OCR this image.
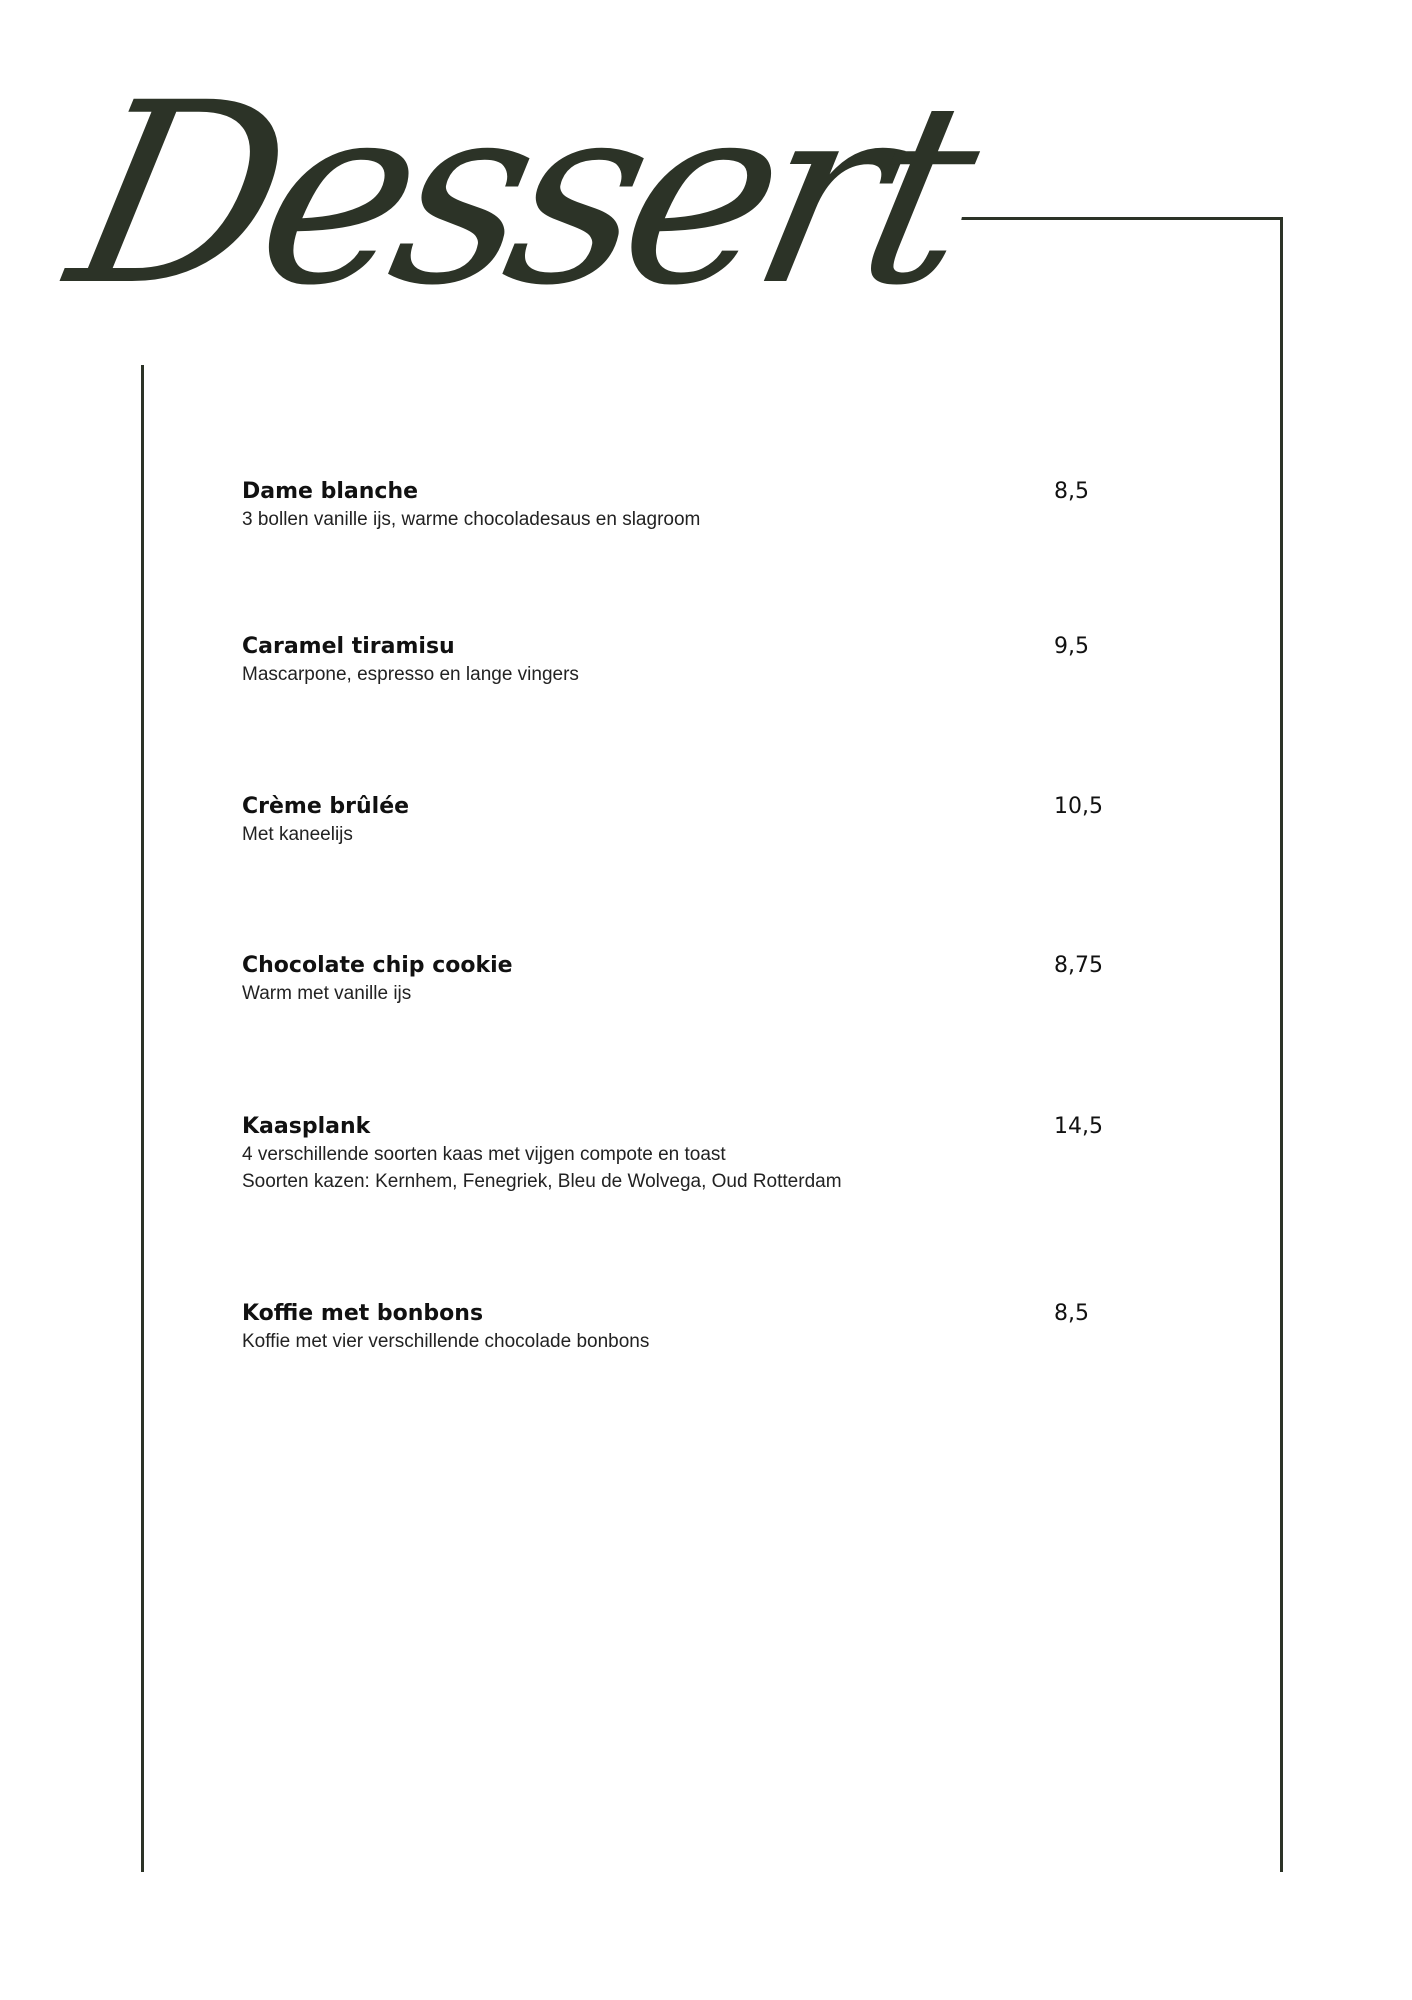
Dessert
Dame blanche
3 bollen vanille ijs, warme chocoladesaus en slagroom
8,5
Caramel tiramisu
Mascarpone, espresso en lange vingers
9,5
Crème brûlée
Met kaneelijs
10,5
Chocolate chip cookie
Warm met vanille ijs
8,75
Kaasplank
4 verschillende soorten kaas met vijgen compote en toast
Soorten kazen: Kernhem, Fenegriek, Bleu de Wolvega, Oud Rotterdam
14,5
Koffie met bonbons
Koffie met vier verschillende chocolade bonbons
8,5
